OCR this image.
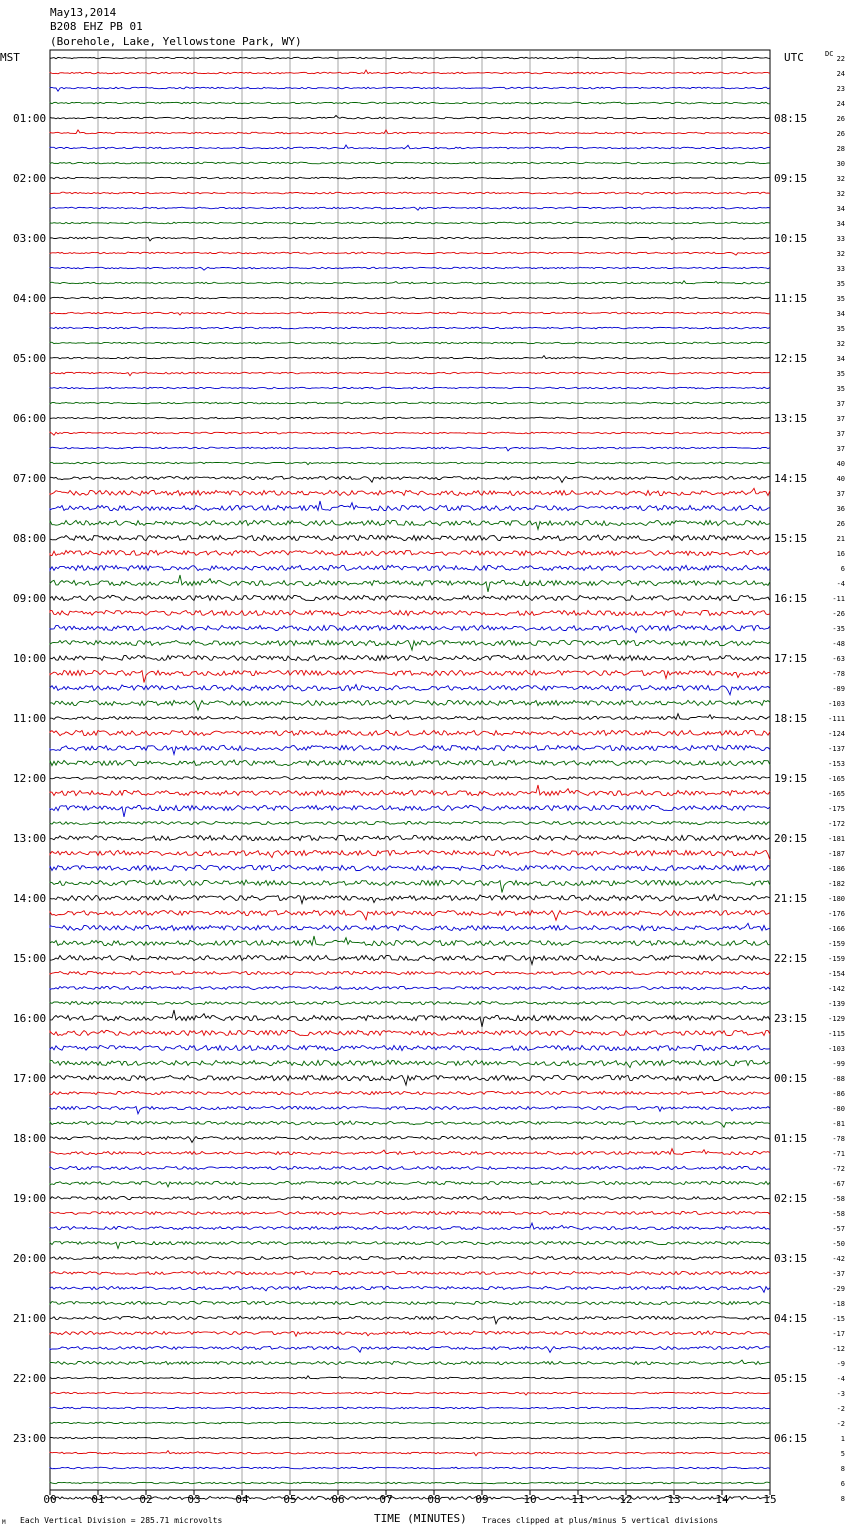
May13,2014
B208 EHZ PB 01
(Borehole, Lake, Yellowstone Park, WY)
MST	UTC	DC
01:00
02:00
03:00
04:00
05:00
06:00
07:00
08:00
09:00
10:00
11:00
12:00
13:00
14:00
15:00
16:00
17:00
18:00
19:00
20:00
21:00
22:00
23:00
08:15
09:15
10:15
11:15
12:15
13:15
14:15
15:15
16:15
17:15
18:15
19:15
20:15
21:15
22:15
23:15
00:15
01:15
02:15
03:15
04:15
05:15
06:15
22
24
23
24
26
26
28
30
32
32
34
34
33
32
33
35
35
34
35
32
34
35
35
37
37
37
37
40
40
37
36
26
21
16
6
-4
-11
-26
-35
-48
-63
-78
-89
-103
-111
-124
-137
-153
-165
-165
-175
-172
-181
-187
-186
-182
-180
-176
-166
-159
-159
-154
-142
-139
-129
-115
-103
-99
-88
-86
-80
-81
-78
-71
-72
-67
-58
-58
-57
-50
-42
-37
-29
-18
-15
-17
-12
-9
-4
-3
-2
-2
1
5
8
6
8
00	01	02	03	04	05	06	07	08	09	10	11	12	13	14	15
TIME (MINUTES)
M Each Vertical Division = 285.71 microvolts	Traces clipped at plus/minus 5 vertical divisions
